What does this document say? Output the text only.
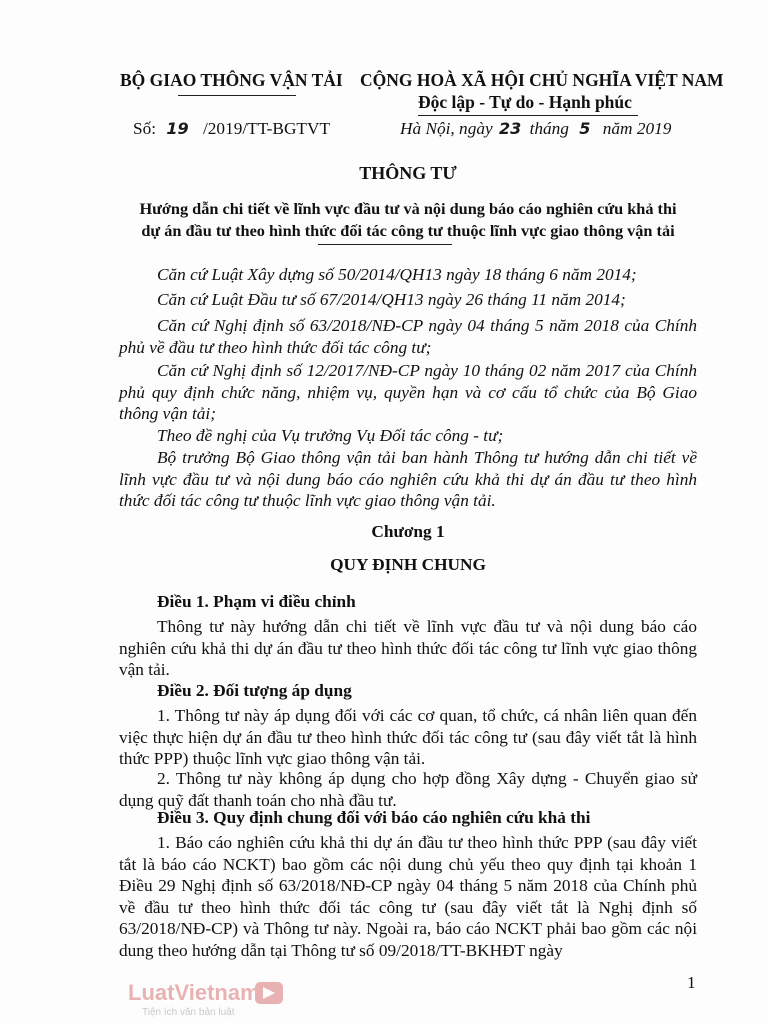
BỘ GIAO THÔNG VẬN TẢI CỘNG HOÀ XÃ HỘI CHỦ NGHĨA VIỆT NAM
Độc lập - Tự do - Hạnh phúc
Số: 19 /2019/TT-BGTVT	Hà Nội, ngày 23 tháng 5 năm 2019
THÔNG TƯ
Hướng dẫn chi tiết về lĩnh vực đầu tư và nội dung báo cáo nghiên cứu khả thi
dự án đầu tư theo hình thức đối tác công tư thuộc lĩnh vực giao thông vận tải
Căn cứ Luật Xây dựng số 50/2014/QH13 ngày 18 tháng 6 năm 2014;
Căn cứ Luật Đầu tư số 67/2014/QH13 ngày 26 tháng 11 năm 2014;
Căn cứ Nghị định số 63/2018/NĐ-CP ngày 04 tháng 5 năm 2018 của Chính phủ về đầu tư theo hình thức đối tác công tư;
Căn cứ Nghị định số 12/2017/NĐ-CP ngày 10 tháng 02 năm 2017 của Chính phủ quy định chức năng, nhiệm vụ, quyền hạn và cơ cấu tổ chức của Bộ Giao thông vận tải;
Theo đề nghị của Vụ trưởng Vụ Đối tác công - tư;
Bộ trưởng Bộ Giao thông vận tải ban hành Thông tư hướng dẫn chi tiết về lĩnh vực đầu tư và nội dung báo cáo nghiên cứu khả thi dự án đầu tư theo hình thức đối tác công tư thuộc lĩnh vực giao thông vận tải.
Chương 1
QUY ĐỊNH CHUNG
Điều 1. Phạm vi điều chỉnh
Thông tư này hướng dẫn chi tiết về lĩnh vực đầu tư và nội dung báo cáo nghiên cứu khả thi dự án đầu tư theo hình thức đối tác công tư lĩnh vực giao thông vận tải.
Điều 2. Đối tượng áp dụng
1. Thông tư này áp dụng đối với các cơ quan, tổ chức, cá nhân liên quan đến việc thực hiện dự án đầu tư theo hình thức đối tác công tư (sau đây viết tắt là hình thức PPP) thuộc lĩnh vực giao thông vận tải.
2. Thông tư này không áp dụng cho hợp đồng Xây dựng - Chuyển giao sử dụng quỹ đất thanh toán cho nhà đầu tư.
Điều 3. Quy định chung đối với báo cáo nghiên cứu khả thi
1. Báo cáo nghiên cứu khả thi dự án đầu tư theo hình thức PPP (sau đây viết tắt là báo cáo NCKT) bao gồm các nội dung chủ yếu theo quy định tại khoản 1 Điều 29 Nghị định số 63/2018/NĐ-CP ngày 04 tháng 5 năm 2018 của Chính phủ về đầu tư theo hình thức đối tác công tư (sau đây viết tắt là Nghị định số 63/2018/NĐ-CP) và Thông tư này. Ngoài ra, báo cáo NCKT phải bao gồm các nội dung theo hướng dẫn tại Thông tư số 09/2018/TT-BKHĐT ngày
1
LuatVietnam
Tiện ích văn bản luật
